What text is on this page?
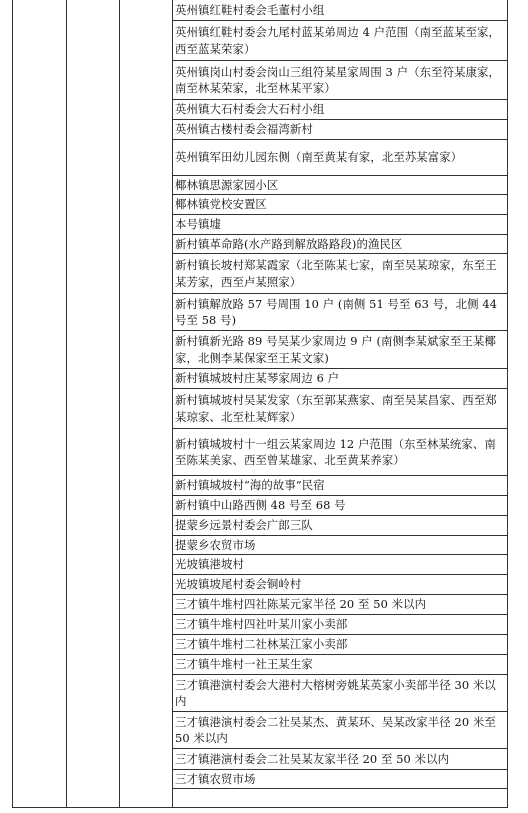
英州镇红鞋村委会毛董村小组
英州镇红鞋村委会九尾村蓝某弟周边 4 户范围（南至蓝某至家，西至蓝某荣家）
英州镇岗山村委会岗山三组符某星家周围 3 户（东至符某康家，南至林某荣家，北至林某平家）
英州镇大石村委会大石村小组
英州镇古楼村委会福湾新村
英州镇军田幼儿园东侧（南至黄某有家，北至苏某富家）
椰林镇思源家园小区
椰林镇党校安置区
本号镇墟
新村镇革命路(水产路到解放路路段)的渔民区
新村镇长坡村郑某霞家（北至陈某七家，南至吴某琼家，东至王某芳家，西至卢某照家）
新村镇解放路 57 号周围 10 户 (南侧 51 号至 63 号，北侧 44 号至 58 号)
新村镇新光路 89 号吴某少家周边 9 户 (南侧李某斌家至王某椰家，北侧李某保家至王某文家)
新村镇城坡村庄某琴家周边 6 户
新村镇城坡村吴某发家（东至郭某燕家、南至吴某昌家、西至郑某琼家、北至杜某辉家）
新村镇城坡村十一组云某家周边 12 户范围（东至林某统家、南至陈某美家、西至曾某雄家、北至黄某养家）
新村镇城坡村“海的故事”民宿
新村镇中山路西侧 48 号至 68 号
提蒙乡远景村委会广郎三队
提蒙乡农贸市场
光坡镇港坡村
光坡镇坡尾村委会铜岭村
三才镇牛堆村四社陈某元家半径 20 至 50 米以内
三才镇牛堆村四社叶某川家小卖部
三才镇牛堆村二社林某江家小卖部
三才镇牛堆村一社王某生家
三才镇港演村委会大港村大榕树旁姚某英家小卖部半径 30 米以内
三才镇港演村委会二社吴某杰、黄某环、吴某改家半径 20 米至 50 米以内
三才镇港演村委会二社吴某友家半径 20 至 50 米以内
三才镇农贸市场
